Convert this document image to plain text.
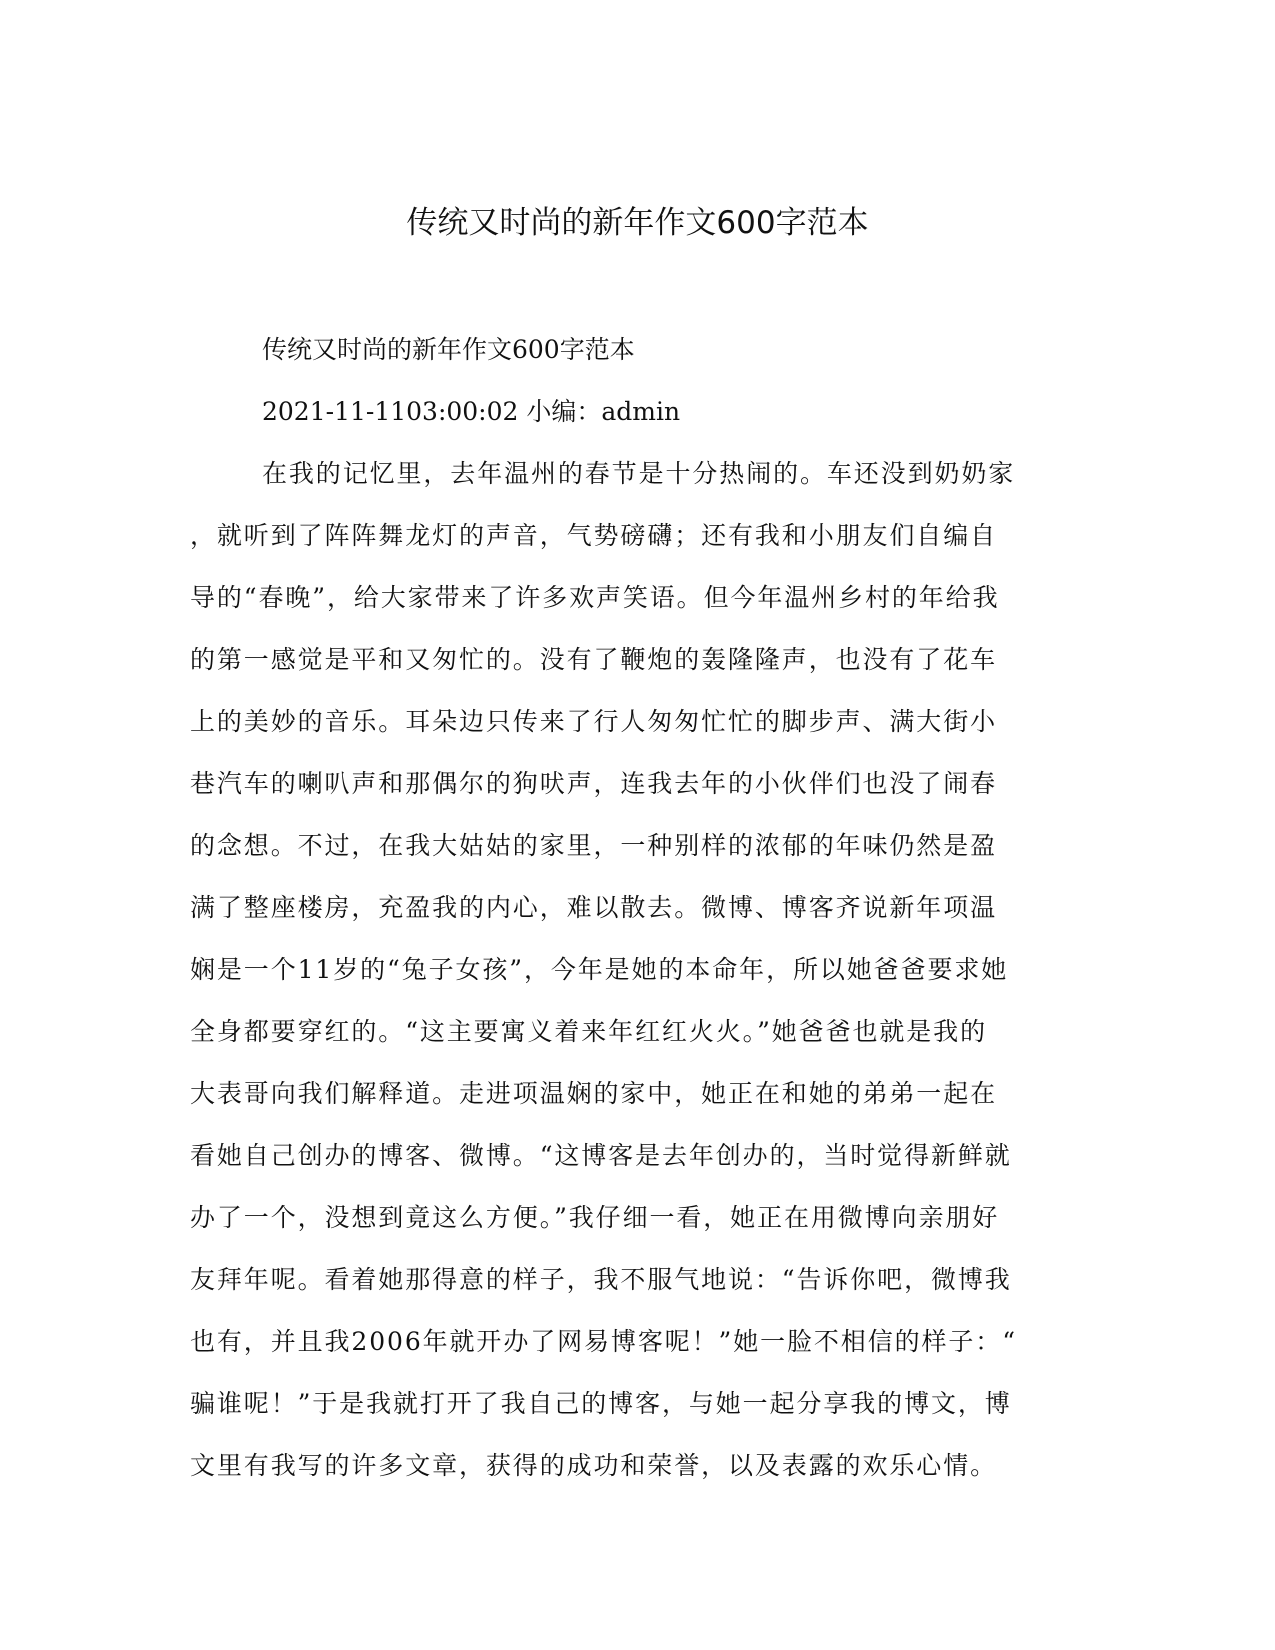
传统又时尚的新年作文600字范本
传统又时尚的新年作文600字范本
2021-11-1103:00:02 小编：admin
在我的记忆里，去年温州的春节是十分热闹的。车还没到奶奶家
，就听到了阵阵舞龙灯的声音，气势磅礴；还有我和小朋友们自编自
导的“春晚”，给大家带来了许多欢声笑语。但今年温州乡村的年给我
的第一感觉是平和又匆忙的。没有了鞭炮的轰隆隆声，也没有了花车
上的美妙的音乐。耳朵边只传来了行人匆匆忙忙的脚步声、满大街小
巷汽车的喇叭声和那偶尔的狗吠声，连我去年的小伙伴们也没了闹春
的念想。不过，在我大姑姑的家里，一种别样的浓郁的年味仍然是盈
满了整座楼房，充盈我的内心，难以散去。微博、博客齐说新年项温
娴是一个11岁的“兔子女孩”，今年是她的本命年，所以她爸爸要求她
全身都要穿红的。“这主要寓义着来年红红火火。”她爸爸也就是我的
大表哥向我们解释道。走进项温娴的家中，她正在和她的弟弟一起在
看她自己创办的博客、微博。“这博客是去年创办的，当时觉得新鲜就
办了一个，没想到竟这么方便。”我仔细一看，她正在用微博向亲朋好
友拜年呢。看着她那得意的样子，我不服气地说：“告诉你吧，微博我
也有，并且我2006年就开办了网易博客呢！”她一脸不相信的样子：“
骗谁呢！”于是我就打开了我自己的博客，与她一起分享我的博文，博
文里有我写的许多文章，获得的成功和荣誉，以及表露的欢乐心情。
